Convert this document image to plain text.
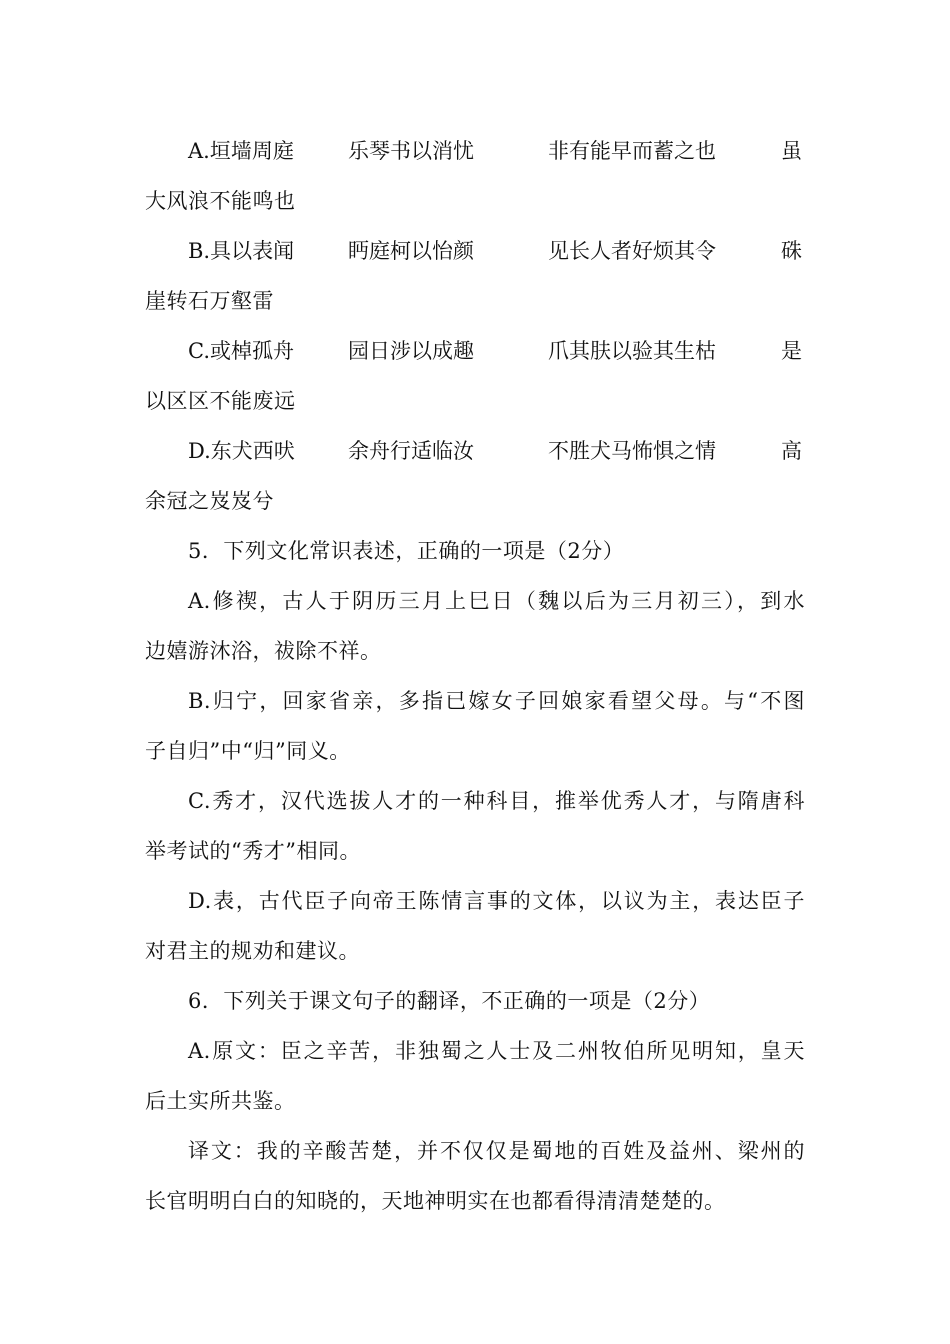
A.垣墙周庭	乐琴书以消忧	非有能早而蓄之也	虽
大风浪不能鸣也
B.具以表闻	眄庭柯以怡颜	见长人者好烦其令	硃
崖转石万壑雷
C.或棹孤舟	园日涉以成趣	爪其肤以验其生枯	是
以区区不能废远
D.东犬西吠	余舟行适临汝	不胜犬马怖惧之情	高
余冠之岌岌兮
5．下列文化常识表述，正确的一项是（2分）
A.修禊，古人于阴历三月上巳日（魏以后为三月初三），到水
边嬉游沐浴，祓除不祥。
B.归宁，回家省亲，多指已嫁女子回娘家看望父母。与“不图
子自归”中“归”同义。
C.秀才，汉代选拔人才的一种科目，推举优秀人才，与隋唐科
举考试的“秀才”相同。
D.表，古代臣子向帝王陈情言事的文体，以议为主，表达臣子
对君主的规劝和建议。
6．下列关于课文句子的翻译，不正确的一项是（2分）
A.原文：臣之辛苦，非独蜀之人士及二州牧伯所见明知，皇天
后土实所共鉴。
译文：我的辛酸苦楚，并不仅仅是蜀地的百姓及益州、梁州的
长官明明白白的知晓的，天地神明实在也都看得清清楚楚的。
